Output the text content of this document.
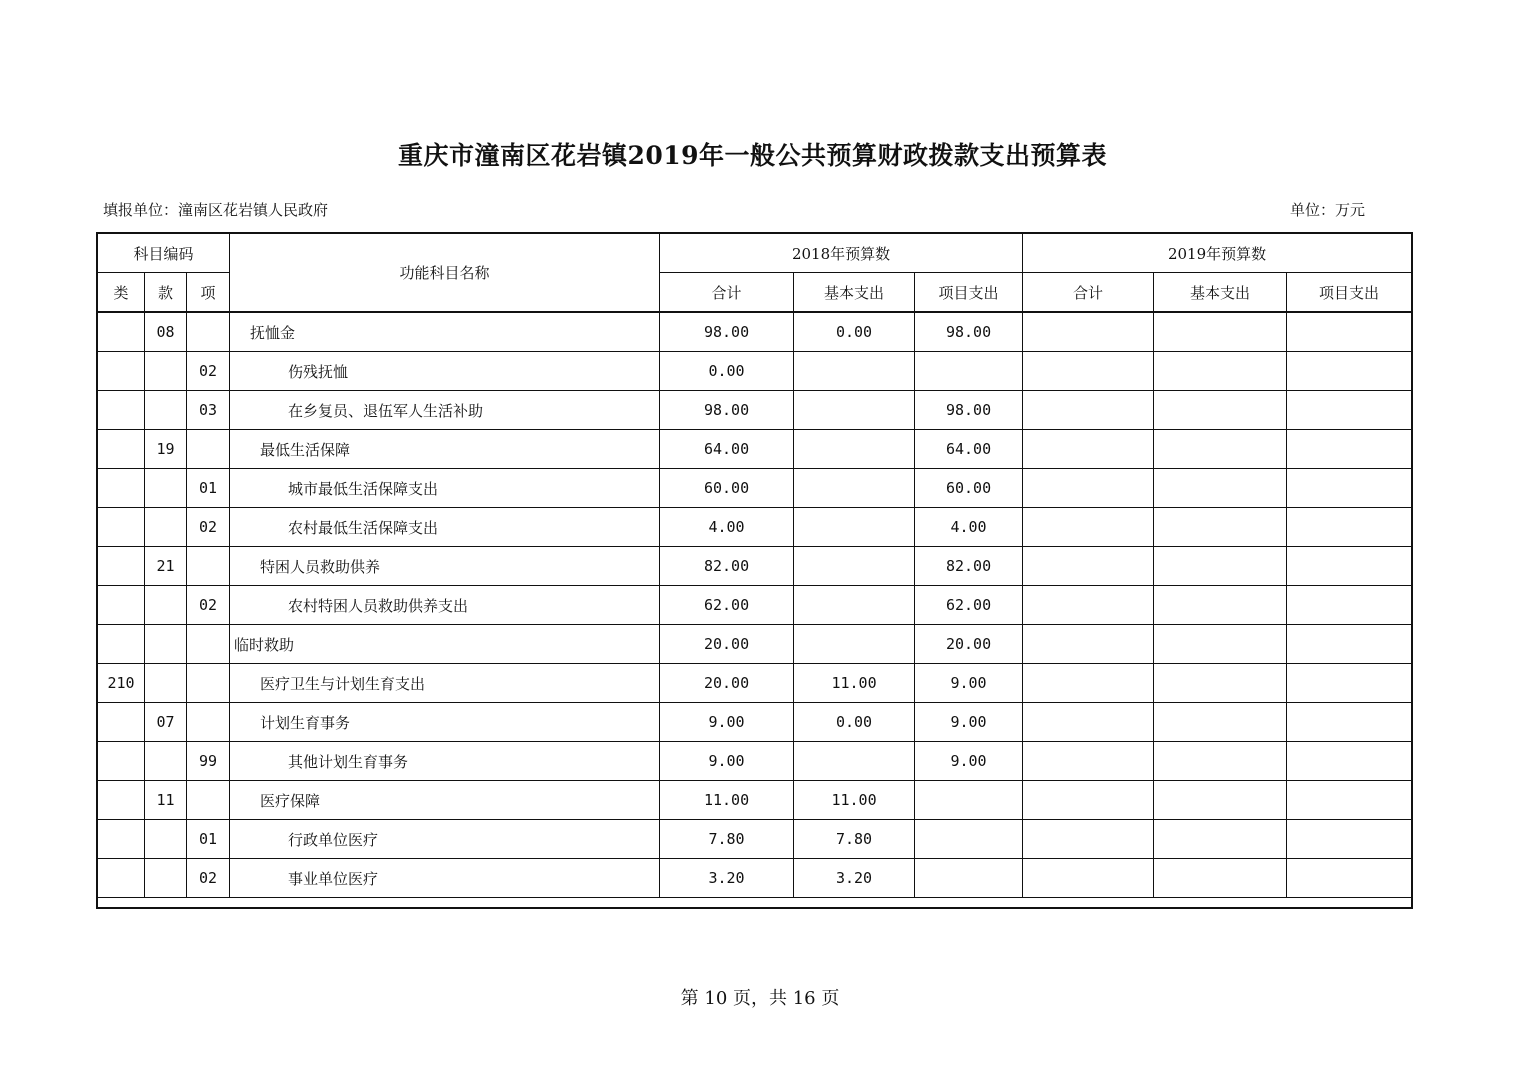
重庆市潼南区花岩镇2019年一般公共预算财政拨款支出预算表
填报单位：潼南区花岩镇人民政府	单位：万元
科目编码			功能科目名称	2018年预算数			2019年预算数		
类	款	项		合计	基本支出	项目支出	合计	基本支出	项目支出
	08		抚恤金	98.00	0.00	98.00			
		02	伤残抚恤	0.00					
		03	在乡复员、退伍军人生活补助	98.00		98.00			
	19		最低生活保障	64.00		64.00			
		01	城市最低生活保障支出	60.00		60.00			
		02	农村最低生活保障支出	4.00		4.00			
	21		特困人员救助供养	82.00		82.00			
		02	农村特困人员救助供养支出	62.00		62.00			
			临时救助	20.00		20.00			
210			医疗卫生与计划生育支出	20.00	11.00	9.00			
	07		计划生育事务	9.00	0.00	9.00			
		99	其他计划生育事务	9.00		9.00			
	11		医疗保障	11.00	11.00				
		01	行政单位医疗	7.80	7.80				
		02	事业单位医疗	3.20	3.20				
第 10 页，共 16 页
